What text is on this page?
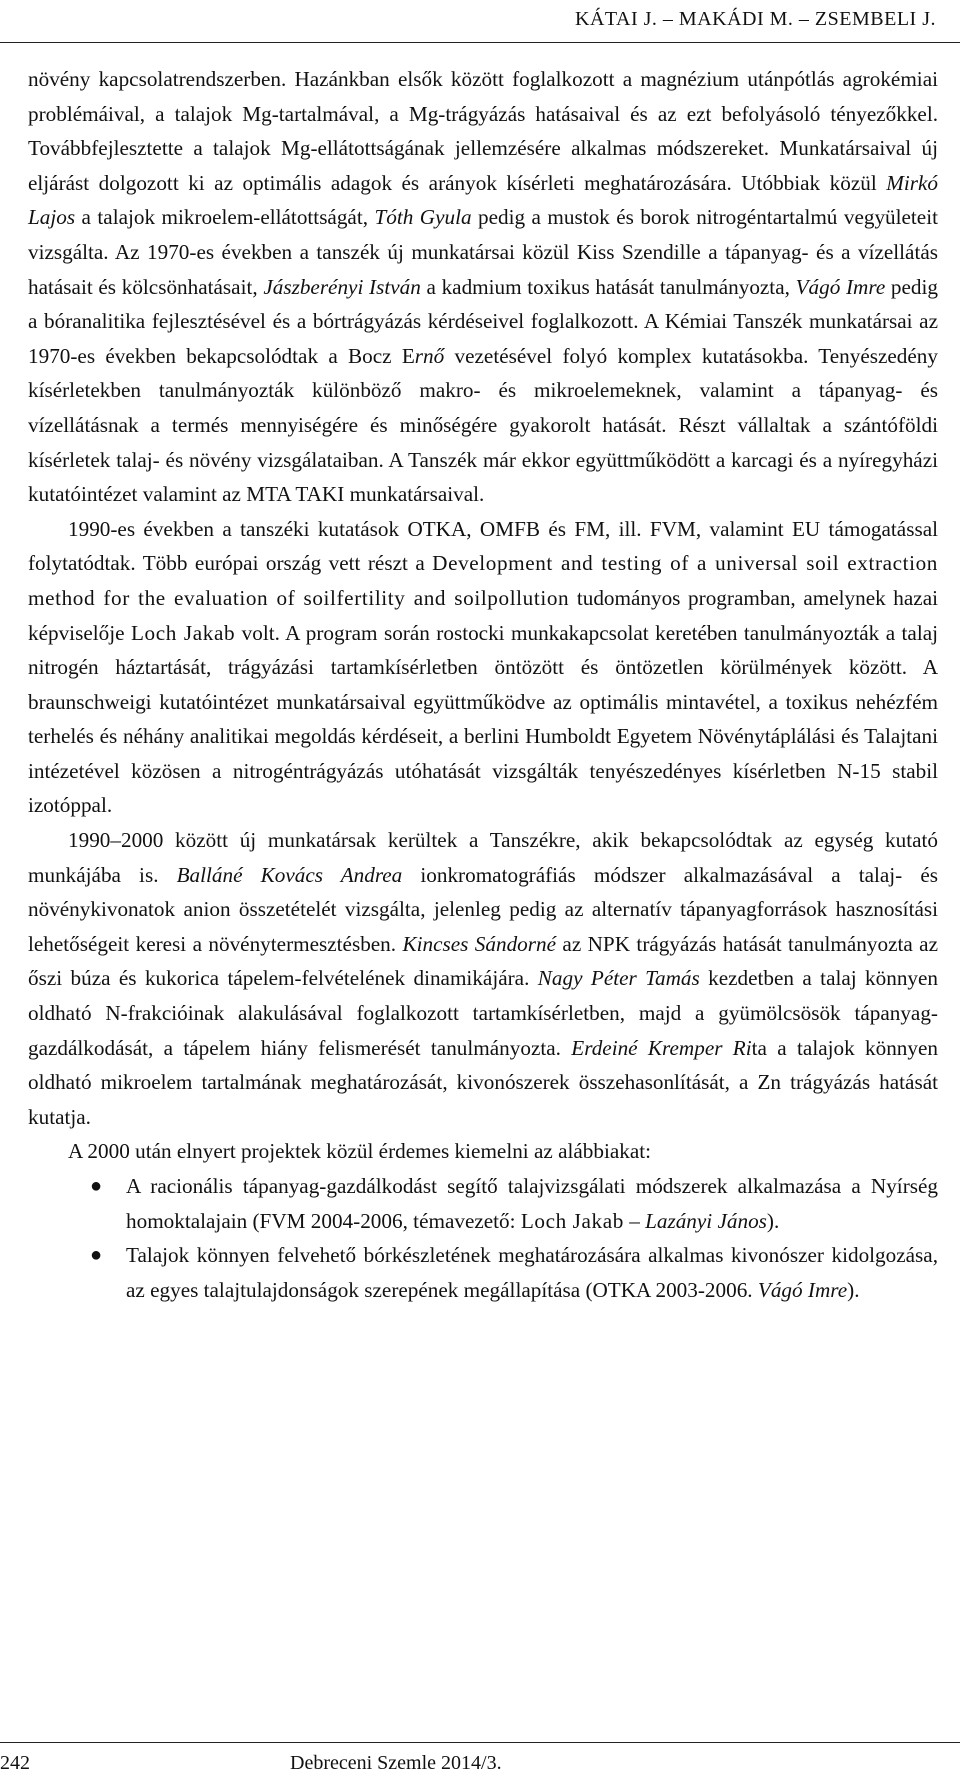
KÁTAI J. – MAKÁDI M. – ZSEMBELI J.

növény kapcsolatrendszerben. Hazánkban elsők között foglalkozott a magnézium utánpótlás agrokémiai problémáival, a talajok Mg-tartalmával, a Mg-trágyázás hatásaival és az ezt befolyásoló tényezőkkel. Továbbfejlesztette a talajok Mg-ellátottságának jellemzésére alkalmas módszereket. Munkatársaival új eljárást dolgozott ki az optimális adagok és arányok kísérleti meghatározására. Utóbbiak közül Mirkó Lajos a talajok mikroelem-ellátottságát, Tóth Gyula pedig a mustok és borok nitrogéntartalmú vegyületeit vizsgálta. Az 1970-es években a tanszék új munkatársai közül Kiss Szendille a tápanyag- és a vízellátás hatásait és kölcsönhatásait, Jászberényi István a kadmium toxikus hatását tanulmányozta, Vágó Imre pedig a bóranalitika fejlesztésével és a bórtrágyázás kérdéseivel foglalkozott. A Kémiai Tanszék munkatársai az 1970-es években bekapcsolódtak a Bocz Ernő vezetésével folyó komplex kutatásokba. Tenyészedény kísérletekben tanulmányozták különböző makro- és mikroelemeknek, valamint a tápanyag- és vízellátásnak a termés mennyiségére és minőségére gyakorolt hatását. Részt vállaltak a szántóföldi kísérletek talaj- és növény vizsgálataiban. A Tanszék már ekkor együttműködött a karcagi és a nyíregyházi kutatóintézet valamint az MTA TAKI munkatársaival.

1990-es években a tanszéki kutatások OTKA, OMFB és FM, ill. FVM, valamint EU támogatással folytatódtak. Több európai ország vett részt a Development and testing of a universal soil extraction method for the evaluation of soilfertility and soilpollution tudományos programban, amelynek hazai képviselője Loch Jakab volt. A program során rostocki munkakapcsolat keretében tanulmányozták a talaj nitrogén háztartását, trágyázási tartamkísérletben öntözött és öntözetlen körülmények között. A braunschweigi kutatóintézet munkatársaival együttműködve az optimális mintavétel, a toxikus nehézfém terhelés és néhány analitikai megoldás kérdéseit, a berlini Humboldt Egyetem Növénytáplálási és Talajtani intézetével közösen a nitrogéntrágyázás utóhatását vizsgálták tenyészedényes kísérletben N-15 stabil izotóppal.

1990–2000 között új munkatársak kerültek a Tanszékre, akik bekapcsolódtak az egység kutató munkájába is. Balláné Kovács Andrea ionkromatográfiás módszer alkalmazásával a talaj- és növénykivonatok anion összetételét vizsgálta, jelenleg pedig az alternatív tápanyagforrások hasznosítási lehetőségeit keresi a növénytermesztésben. Kincses Sándorné az NPK trágyázás hatását tanulmányozta az őszi búza és kukorica tápelem-felvételének dinamikájára. Nagy Péter Tamás kezdetben a talaj könnyen oldható N-frakcióinak alakulásával foglalkozott tartamkísérletben, majd a gyümölcsösök tápanyag-gazdálkodását, a tápelem hiány felismerését tanulmányozta. Erdeiné Kremper Rita a talajok könnyen oldható mikroelem tartalmának meghatározását, kivonószerek összehasonlítását, a Zn trágyázás hatását kutatja.

A 2000 után elnyert projektek közül érdemes kiemelni az alábbiakat:

● A racionális tápanyag-gazdálkodást segítő talajvizsgálati módszerek alkalmazása a Nyírség homoktalajain (FVM 2004-2006, témavezető: Loch Jakab – Lazányi János).
● Talajok könnyen felvehető bórkészletének meghatározására alkalmas kivonószer kidolgozása, az egyes talajtulajdonságok szerepének megállapítása (OTKA 2003-2006. Vágó Imre).
242	Debreceni Szemle 2014/3.
